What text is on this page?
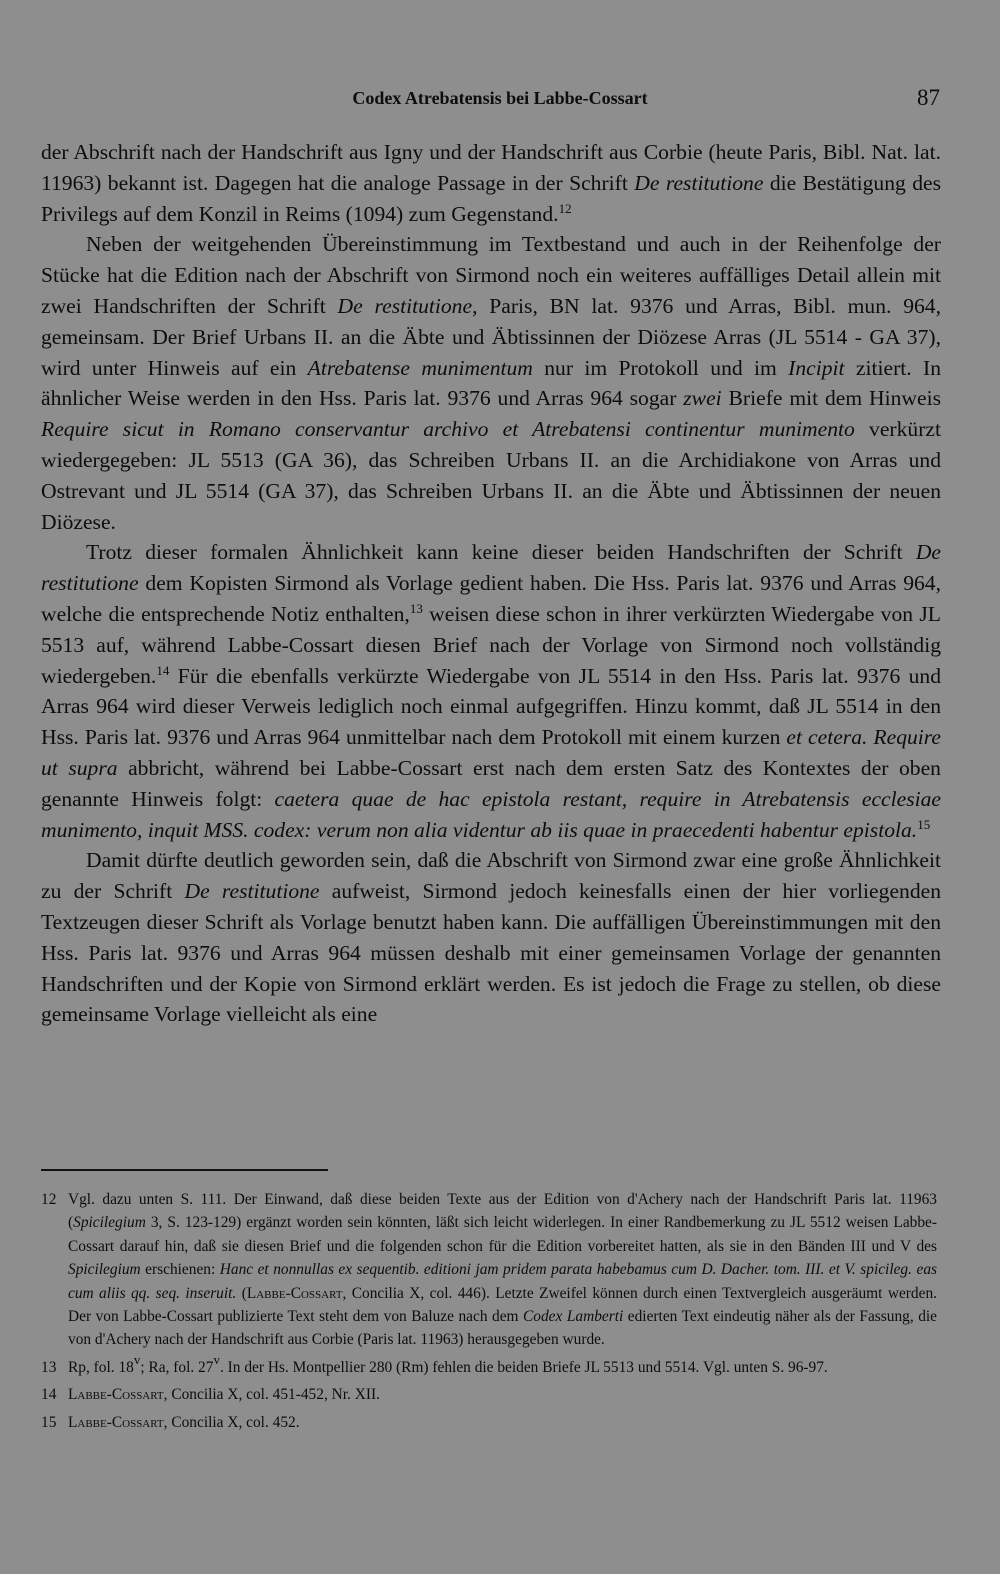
Codex Atrebatensis bei Labbe-Cossart	87

der Abschrift nach der Handschrift aus Igny und der Handschrift aus Corbie (heute Paris, Bibl. Nat. lat. 11963) bekannt ist. Dagegen hat die analoge Passage in der Schrift De restitutione die Bestätigung des Privilegs auf dem Konzil in Reims (1094) zum Gegenstand.$^{12}$

Neben der weitgehenden Übereinstimmung im Textbestand und auch in der Reihenfolge der Stücke hat die Edition nach der Abschrift von Sirmond noch ein weiteres auffälliges Detail allein mit zwei Handschriften der Schrift De restitutione, Paris, BN lat. 9376 und Arras, Bibl. mun. 964, gemeinsam. Der Brief Urbans II. an die Äbte und Äbtissinnen der Diözese Arras (JL 5514 - GA 37), wird unter Hinweis auf ein Atrebatense munimentum nur im Protokoll und im Incipit zitiert. In ähnlicher Weise werden in den Hss. Paris lat. 9376 und Arras 964 sogar zwei Briefe mit dem Hinweis Require sicut in Romano conservantur archivo et Atrebatensi continentur munimento verkürzt wiedergegeben: JL 5513 (GA 36), das Schreiben Urbans II. an die Archidiakone von Arras und Ostrevant und JL 5514 (GA 37), das Schreiben Urbans II. an die Äbte und Äbtissinnen der neuen Diözese.

Trotz dieser formalen Ähnlichkeit kann keine dieser beiden Handschriften der Schrift De restitutione dem Kopisten Sirmond als Vorlage gedient haben. Die Hss. Paris lat. 9376 und Arras 964, welche die entsprechende Notiz enthalten,$^{13}$ weisen diese schon in ihrer verkürzten Wiedergabe von JL 5513 auf, während Labbe-Cossart diesen Brief nach der Vorlage von Sirmond noch vollständig wiedergeben.$^{14}$ Für die ebenfalls verkürzte Wiedergabe von JL 5514 in den Hss. Paris lat. 9376 und Arras 964 wird dieser Verweis lediglich noch einmal aufgegriffen. Hinzu kommt, daß JL 5514 in den Hss. Paris lat. 9376 und Arras 964 unmittelbar nach dem Protokoll mit einem kurzen et cetera. Require ut supra abbricht, während bei Labbe-Cossart erst nach dem ersten Satz des Kontextes der oben genannte Hinweis folgt: caetera quae de hac epistola restant, require in Atrebatensis ecclesiae munimento, inquit MSS. codex: verum non alia videntur ab iis quae in praecedenti habentur epistola.$^{15}$

Damit dürfte deutlich geworden sein, daß die Abschrift von Sirmond zwar eine große Ähnlichkeit zu der Schrift De restitutione aufweist, Sirmond jedoch keinesfalls einen der hier vorliegenden Textzeugen dieser Schrift als Vorlage benutzt haben kann. Die auffälligen Übereinstimmungen mit den Hss. Paris lat. 9376 und Arras 964 müssen deshalb mit einer gemeinsamen Vorlage der genannten Handschriften und der Kopie von Sirmond erklärt werden. Es ist jedoch die Frage zu stellen, ob diese gemeinsame Vorlage vielleicht als eine

12 Vgl. dazu unten S. 111. Der Einwand, daß diese beiden Texte aus der Edition von d'Achery nach der Handschrift Paris lat. 11963 (Spicilegium 3, S. 123-129) ergänzt worden sein könnten, läßt sich leicht widerlegen. In einer Randbemerkung zu JL 5512 weisen Labbe-Cossart darauf hin, daß sie diesen Brief und die folgenden schon für die Edition vorbereitet hatten, als sie in den Bänden III und V des Spicilegium erschienen: Hanc et nonnullas ex sequentib. editioni jam pridem parata habebamus cum D. Dacher. tom. III. et V. spicileg. eas cum aliis qq. seq. inseruit. (Labbe-Cossart, Concilia X, col. 446). Letzte Zweifel können durch einen Textvergleich ausgeräumt werden. Der von Labbe-Cossart publizierte Text steht dem von Baluze nach dem Codex Lamberti edierten Text eindeutig näher als der Fassung, die von d'Achery nach der Handschrift aus Corbie (Paris lat. 11963) herausgegeben wurde.
13 Rp, fol. 18$^v$; Ra, fol. 27$^v$. In der Hs. Montpellier 280 (Rm) fehlen die beiden Briefe JL 5513 und 5514. Vgl. unten S. 96-97.
14 Labbe-Cossart, Concilia X, col. 451-452, Nr. XII.
15 Labbe-Cossart, Concilia X, col. 452.
